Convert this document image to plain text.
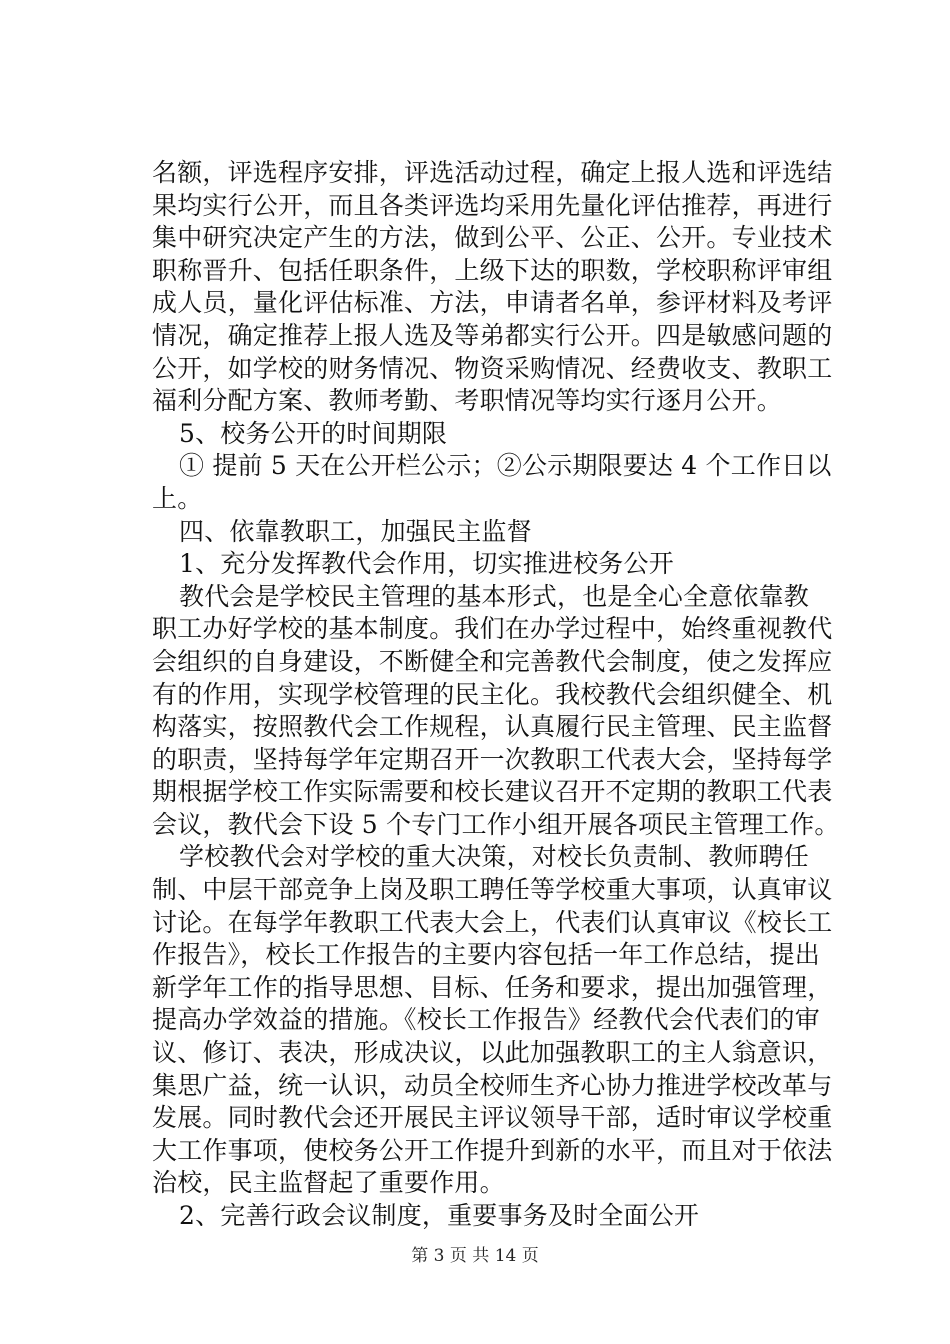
名额，评选程序安排，评选活动过程，确定上报人选和评选结
果均实行公开，而且各类评选均采用先量化评估推荐，再进行
集中研究决定产生的方法，做到公平、公正、公开。专业技术
职称晋升、包括任职条件，上级下达的职数，学校职称评审组
成人员，量化评估标准、方法，申请者名单，参评材料及考评
情况，确定推荐上报人选及等弟都实行公开。四是敏感问题的
公开，如学校的财务情况、物资采购情况、经费收支、教职工
福利分配方案、教师考勤、考职情况等均实行逐月公开。
5、校务公开的时间期限
① 提前 5 天在公开栏公示；②公示期限要达 4 个工作日以
上。
四、依靠教职工，加强民主监督
1、充分发挥教代会作用，切实推进校务公开
教代会是学校民主管理的基本形式，也是全心全意依靠教
职工办好学校的基本制度。我们在办学过程中，始终重视教代
会组织的自身建设，不断健全和完善教代会制度，使之发挥应
有的作用，实现学校管理的民主化。我校教代会组织健全、机
构落实，按照教代会工作规程，认真履行民主管理、民主监督
的职责，坚持每学年定期召开一次教职工代表大会，坚持每学
期根据学校工作实际需要和校长建议召开不定期的教职工代表
会议，教代会下设 5 个专门工作小组开展各项民主管理工作。
学校教代会对学校的重大决策，对校长负责制、教师聘任
制、中层干部竞争上岗及职工聘任等学校重大事项，认真审议
讨论。在每学年教职工代表大会上，代表们认真审议《校长工
作报告》，校长工作报告的主要内容包括一年工作总结，提出
新学年工作的指导思想、目标、任务和要求，提出加强管理，
提高办学效益的措施。《校长工作报告》经教代会代表们的审
议、修订、表决，形成决议，以此加强教职工的主人翁意识，
集思广益，统一认识，动员全校师生齐心协力推进学校改革与
发展。同时教代会还开展民主评议领导干部，适时审议学校重
大工作事项，使校务公开工作提升到新的水平，而且对于依法
治校，民主监督起了重要作用。
2、完善行政会议制度，重要事务及时全面公开
第 3 页 共 14 页
